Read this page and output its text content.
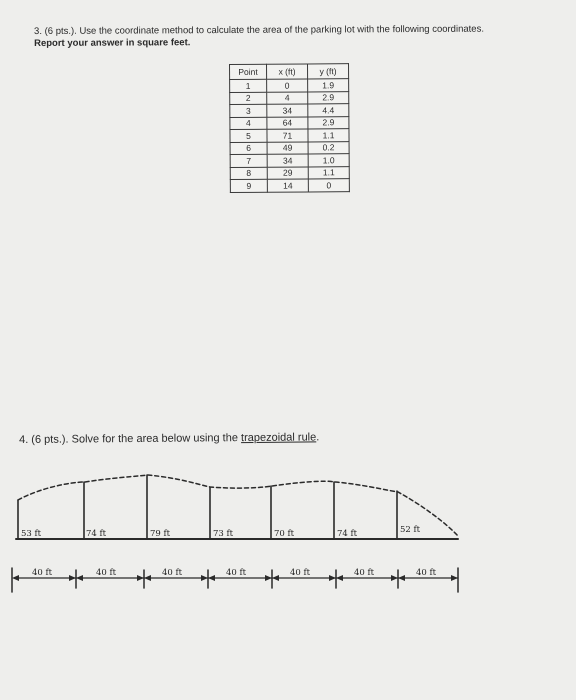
3. (6 pts.). Use the coordinate method to calculate the area of the parking lot with the following coordinates.
Report your answer in square feet.
Point	x (ft)	y (ft)
1	0	1.9
2	4	2.9
3	34	4.4
4	64	2.9
5	71	1.1
6	49	0.2
7	34	1.0
8	29	1.1
9	14	0
4. (6 pts.). Solve for the area below using the trapezoidal rule.
53 ft	74 ft	79 ft	73 ft	70 ft	74 ft	52 ft
40 ft	40 ft	40 ft	40 ft	40 ft	40 ft	40 ft
